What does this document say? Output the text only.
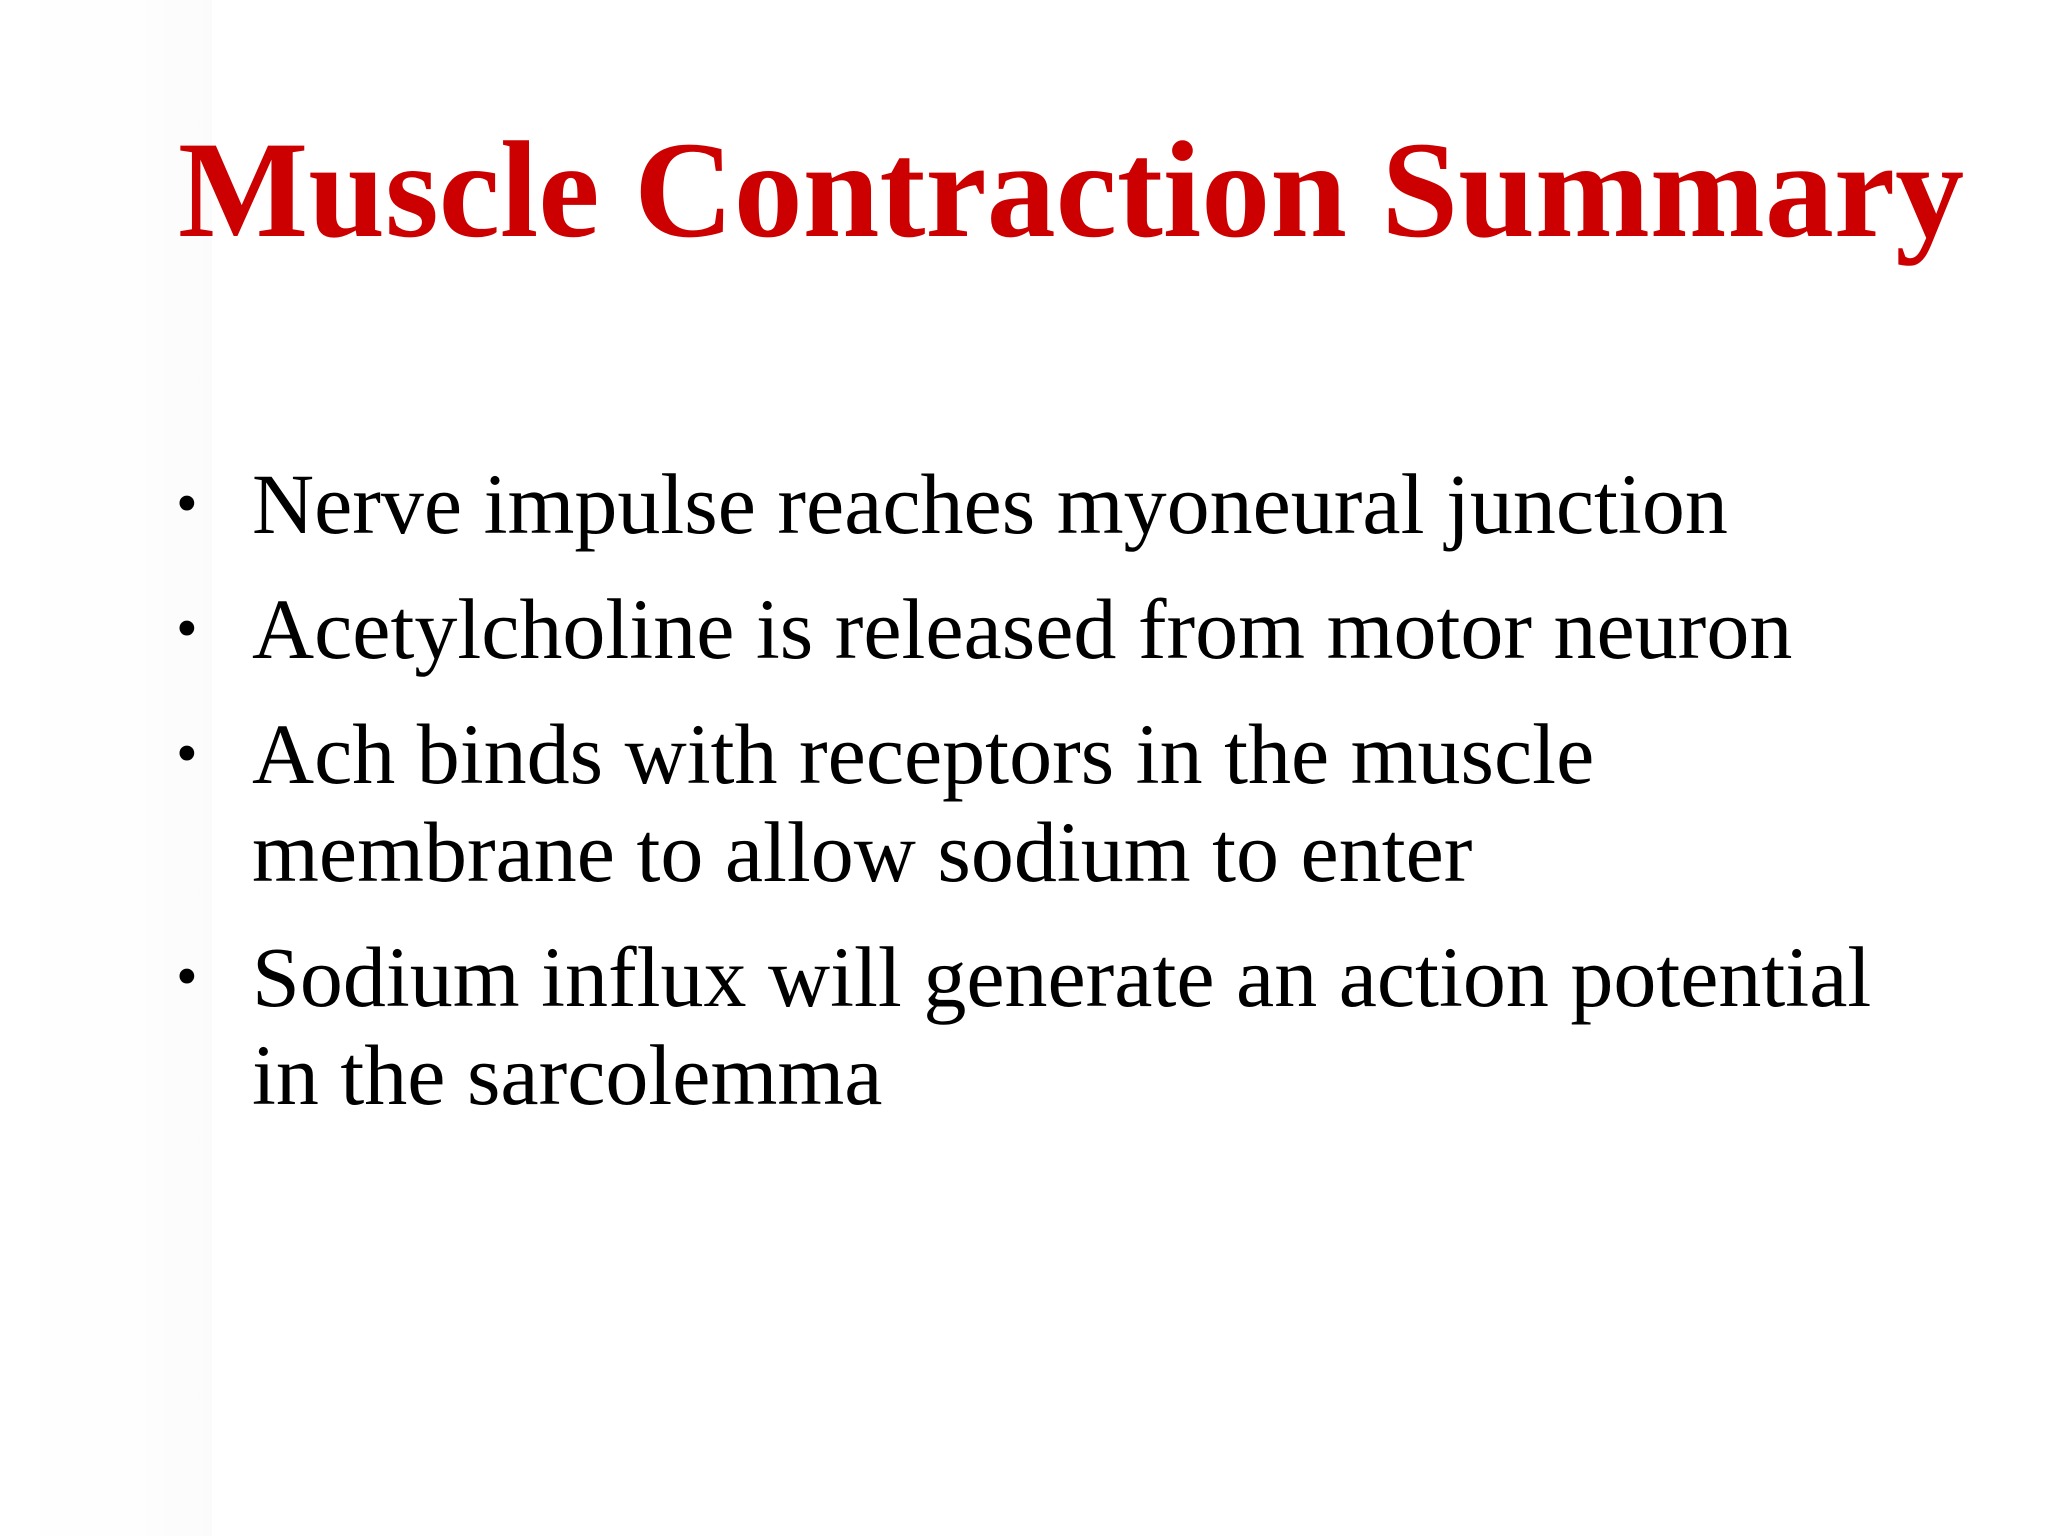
Muscle Contraction Summary
• Nerve impulse reaches myoneural junction
• Acetylcholine is released from motor neuron
• Ach binds with receptors in the muscle membrane to allow sodium to enter
• Sodium influx will generate an action potential in the sarcolemma
